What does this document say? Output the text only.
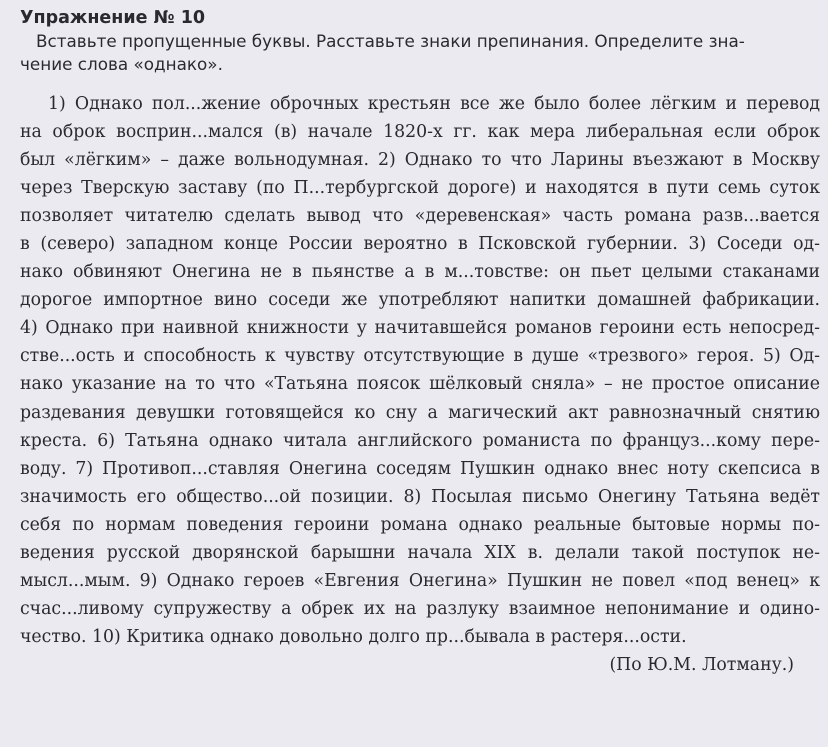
Упражнение № 10
Вставьте пропущенные буквы. Расставьте знаки препинания. Определите зна-
чение слова «однако».
1) Однако пол...жение оброчных крестьян все же было более лёгким и перевод
на оброк восприн...мался (в) начале 1820-х гг. как мера либеральная если оброк
был «лёгким» – даже вольнодумная. 2) Однако то что Ларины въезжают в Москву
через Тверскую заставу (по П...тербургской дороге) и находятся в пути семь суток
позволяет читателю сделать вывод что «деревенская» часть романа разв...вается
в (северо) западном конце России вероятно в Псковской губернии. 3) Соседи од-
нако обвиняют Онегина не в пьянстве а в м...товстве: он пьет целыми стаканами
дорогое импортное вино соседи же употребляют напитки домашней фабрикации.
4) Однако при наивной книжности у начитавшейся романов героини есть непосред-
стве...ость и способность к чувству отсутствующие в душе «трезвого» героя. 5) Од-
нако указание на то что «Татьяна поясок шёлковый сняла» – не простое описание
раздевания девушки готовящейся ко сну а магический акт равнозначный снятию
креста. 6) Татьяна однако читала английского романиста по француз...кому пере-
воду. 7) Противоп...ставляя Онегина соседям Пушкин однако внес ноту скепсиса в
значимость его общество...ой позиции. 8) Посылая письмо Онегину Татьяна ведёт
себя по нормам поведения героини романа однако реальные бытовые нормы по-
ведения русской дворянской барышни начала XIX в. делали такой поступок не-
мысл...мым. 9) Однако героев «Евгения Онегина» Пушкин не повел «под венец» к
счас...ливому супружеству а обрек их на разлуку взаимное непонимание и одино-
чество. 10) Критика однако довольно долго пр...бывала в растеря...ости.
(По Ю.М. Лотману.)
